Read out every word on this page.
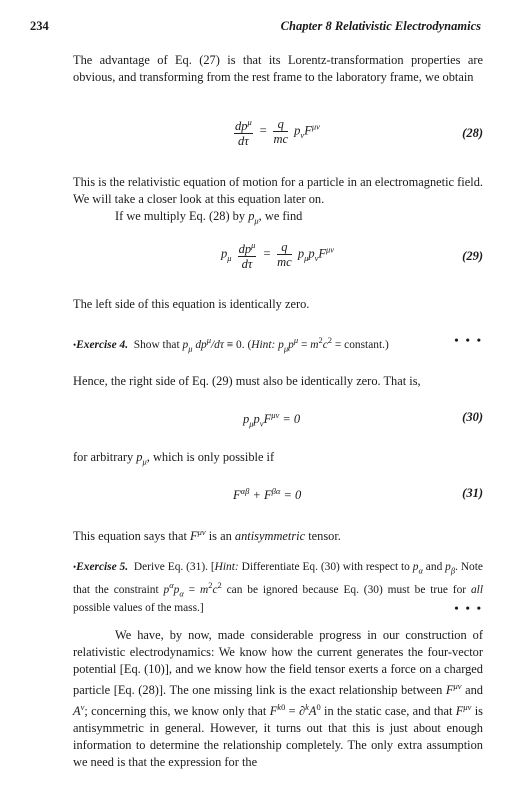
234	Chapter 8 Relativistic Electrodynamics
The advantage of Eq. (27) is that its Lorentz-transformation properties are obvious, and transforming from the rest frame to the laboratory frame, we obtain
$\frac{dp^\mu}{d\tau} = \frac{q}{mc} p_\nu F^{\mu\nu}$	(28)
This is the relativistic equation of motion for a particle in an electromagnetic field. We will take a closer look at this equation later on.
If we multiply Eq. (28) by $p_\mu$, we find
$p_\mu \frac{dp^\mu}{d\tau} = \frac{q}{mc} p_\mu p_\nu F^{\mu\nu}$	(29)
The left side of this equation is identically zero.
•Exercise 4.  Show that $p_\mu$ $dp^\mu/d\tau \equiv 0$. (Hint: $p_\mu p^\mu = m^2c^2$ = constant.)	• • •
Hence, the right side of Eq. (29) must also be identically zero. That is,
$p_\mu p_\nu F^{\mu\nu} = 0$	(30)
for arbitrary $p_\mu$, which is only possible if
$F^{\alpha\beta} + F^{\beta\alpha} = 0$	(31)
This equation says that $F^{\mu\nu}$ is an antisymmetric tensor.
•Exercise 5.  Derive Eq. (31). [Hint: Differentiate Eq. (30) with respect to $p_\alpha$ and $p_\beta$. Note that the constraint $p^\alpha p_\alpha = m^2c^2$ can be ignored because Eq. (30) must be true for all possible values of the mass.]	• • •
We have, by now, made considerable progress in our construction of relativistic electrodynamics: We know how the current generates the four-vector potential [Eq. (10)], and we know how the field tensor exerts a force on a charged particle [Eq. (28)]. The one missing link is the exact relationship between $F^{\mu\nu}$ and $A^\nu$; concerning this, we know only that $F^{k0} = \partial^kA^0$ in the static case, and that $F^{\mu\nu}$ is antisymmetric in general. However, it turns out that this is just about enough information to determine the relationship completely. The only extra assumption we need is that the expression for the
